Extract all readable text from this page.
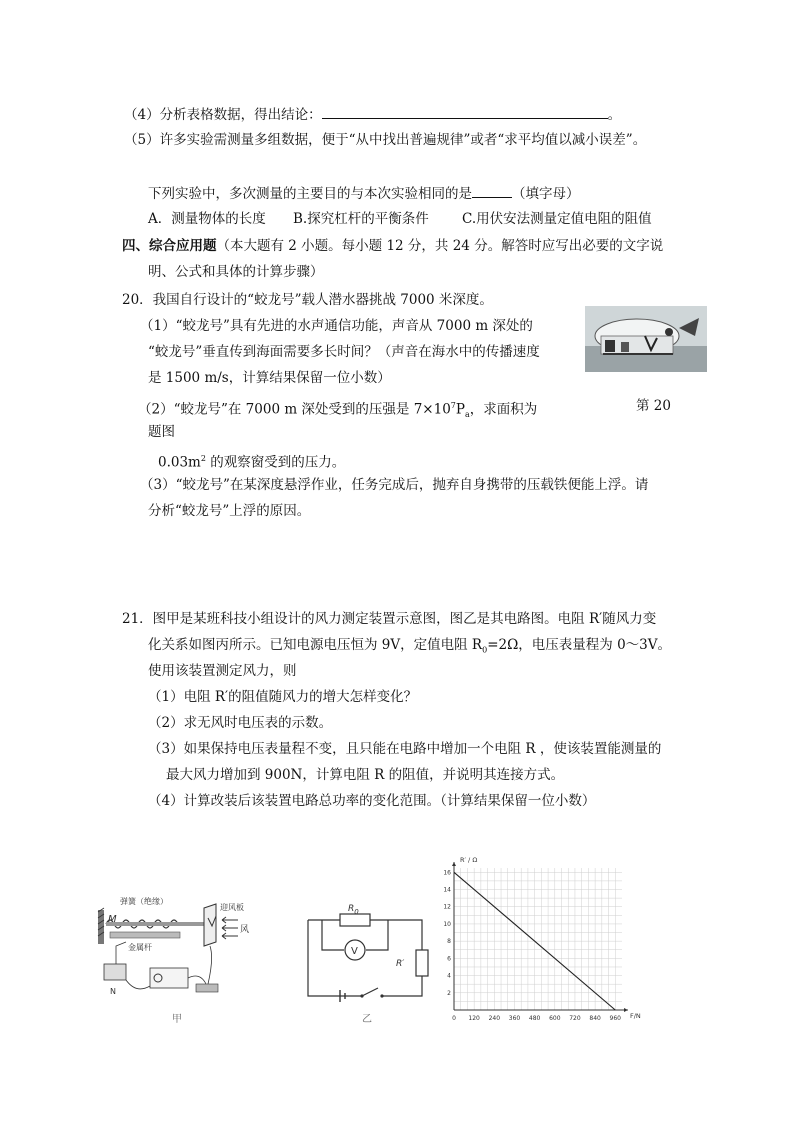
（4）分析表格数据，得出结论：	。
（5）许多实验需测量多组数据，便于“从中找出普遍规律”或者“求平均值以减小误差”。
下列实验中，多次测量的主要目的与本次实验相同的是	（填字母）
A．测量物体的长度 B.探究杠杆的平衡条件 C.用伏安法测量定值电阻的阻值
四、综合应用题（本大题有 2 小题。每小题 12 分，共 24 分。解答时应写出必要的文字说
明、公式和具体的计算步骤）
20．我国自行设计的“蛟龙号”载人潜水器挑战 7000 米深度。
（1）“蛟龙号”具有先进的水声通信功能，声音从 7000 m 深处的
“蛟龙号”垂直传到海面需要多长时间？（声音在海水中的传播速度
是 1500 m/s，计算结果保留一位小数）
（2）“蛟龙号”在 7000 m 深处受到的压强是 $7\times 10^7P_a$，求面积为	第 20
题图
$0.03m^2$ 的观察窗受到的压力。
（3）“蛟龙号”在某深度悬浮作业，任务完成后，抛弃自身携带的压载铁便能上浮。请
分析“蛟龙号”上浮的原因。
21．图甲是某班科技小组设计的风力测定装置示意图，图乙是其电路图。电阻 R′随风力变
化关系如图丙所示。已知电源电压恒为 9V，定值电阻 $R_0=2\Omega$，电压表量程为 0～3V。
使用该装置测定风力，则
（1）电阻 R′的阻值随风力的增大怎样变化？
（2）求无风时电压表的示数。
（3）如果保持电压表量程不变，且只能在电路中增加一个电阻 R ，使该装置能测量的
最大风力增加到 900N，计算电阻 R 的阻值，并说明其连接方式。
（4）计算改装后该装置电路总功率的变化范围。（计算结果保留一位小数）
弹簧（绝缘）
M
迎风板
风
金属杆
N
甲
$R_0$
V
R′
乙	0 120 240 360 480 600 720 840 960
2
4
6
8
10
12
14
16
R′ / Ω
F/N
